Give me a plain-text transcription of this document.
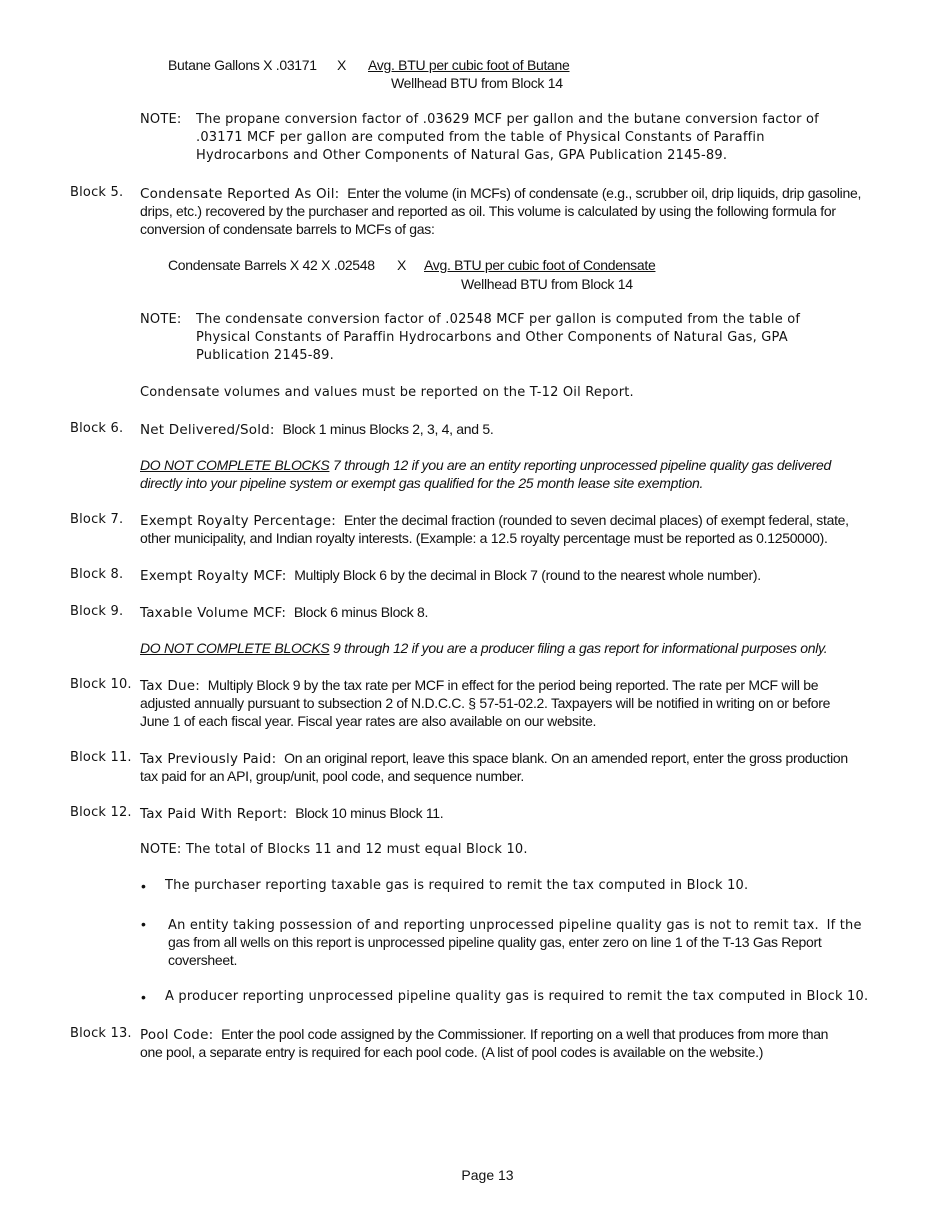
Butane Gallons X .03171 X Avg. BTU per cubic foot of Butane
Wellhead BTU from Block 14
NOTE: The propane conversion factor of .03629 MCF per gallon and the butane conversion factor of
.03171 MCF per gallon are computed from the table of Physical Constants of Paraffin
Hydrocarbons and Other Components of Natural Gas, GPA Publication 2145-89.
Block 5. Condensate Reported As Oil: Enter the volume (in MCFs) of condensate (e.g., scrubber oil, drip liquids, drip gasoline,
drips, etc.) recovered by the purchaser and reported as oil. This volume is calculated by using the following formula for
conversion of condensate barrels to MCFs of gas:
Condensate Barrels X 42 X .02548 X Avg. BTU per cubic foot of Condensate
Wellhead BTU from Block 14
NOTE: The condensate conversion factor of .02548 MCF per gallon is computed from the table of
Physical Constants of Paraffin Hydrocarbons and Other Components of Natural Gas, GPA
Publication 2145-89.
Condensate volumes and values must be reported on the T-12 Oil Report.
Block 6. Net Delivered/Sold: Block 1 minus Blocks 2, 3, 4, and 5.
DO NOT COMPLETE BLOCKS 7 through 12 if you are an entity reporting unprocessed pipeline quality gas delivered
directly into your pipeline system or exempt gas qualified for the 25 month lease site exemption.
Block 7. Exempt Royalty Percentage: Enter the decimal fraction (rounded to seven decimal places) of exempt federal, state,
other municipality, and Indian royalty interests. (Example: a 12.5 royalty percentage must be reported as 0.1250000).
Block 8. Exempt Royalty MCF: Multiply Block 6 by the decimal in Block 7 (round to the nearest whole number).
Block 9. Taxable Volume MCF: Block 6 minus Block 8.
DO NOT COMPLETE BLOCKS 9 through 12 if you are a producer filing a gas report for informational purposes only.
Block 10. Tax Due: Multiply Block 9 by the tax rate per MCF in effect for the period being reported. The rate per MCF will be
adjusted annually pursuant to subsection 2 of N.D.C.C. § 57-51-02.2. Taxpayers will be notified in writing on or before
June 1 of each fiscal year. Fiscal year rates are also available on our website.
Block 11. Tax Previously Paid: On an original report, leave this space blank. On an amended report, enter the gross production
tax paid for an API, group/unit, pool code, and sequence number.
Block 12. Tax Paid With Report: Block 10 minus Block 11.
NOTE: The total of Blocks 11 and 12 must equal Block 10.
• The purchaser reporting taxable gas is required to remit the tax computed in Block 10.
• An entity taking possession of and reporting unprocessed pipeline quality gas is not to remit tax. If the
gas from all wells on this report is unprocessed pipeline quality gas, enter zero on line 1 of the T-13 Gas Report
coversheet.
• A producer reporting unprocessed pipeline quality gas is required to remit the tax computed in Block 10.
Block 13. Pool Code: Enter the pool code assigned by the Commissioner. If reporting on a well that produces from more than
one pool, a separate entry is required for each pool code. (A list of pool codes is available on the website.)
Page 13
